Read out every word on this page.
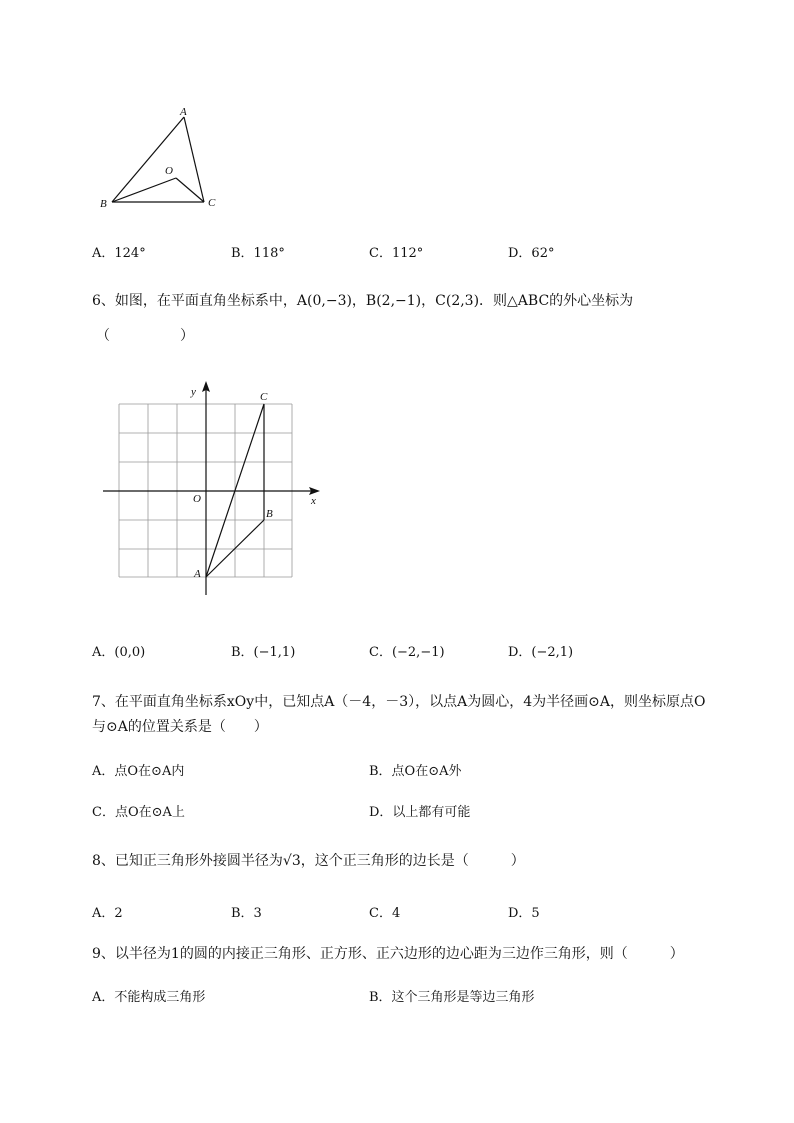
A
B	C
O
A．124°	B．118°	C．112°	D．62°
6、如图，在平面直角坐标系中，A(0,−3)，B(2,−1)，C(2,3)．则△ABC的外心坐标为
（　　　　　）
x
y
O
A
B
C
A．(0,0)	B．(−1,1)	C．(−2,−1)	D．(−2,1)
7、在平面直角坐标系xOy中，已知点A（－4，－3），以点A为圆心，4为半径画⊙A，则坐标原点O
与⊙A的位置关系是（　　）
A．点O在⊙A内	B．点O在⊙A外
C．点O在⊙A上	D．以上都有可能
8、已知正三角形外接圆半径为√3，这个正三角形的边长是（　　　）
A．2	B．3	C．4	D．5
9、以半径为1的圆的内接正三角形、正方形、正六边形的边心距为三边作三角形，则（　　　）
A．不能构成三角形	B．这个三角形是等边三角形
